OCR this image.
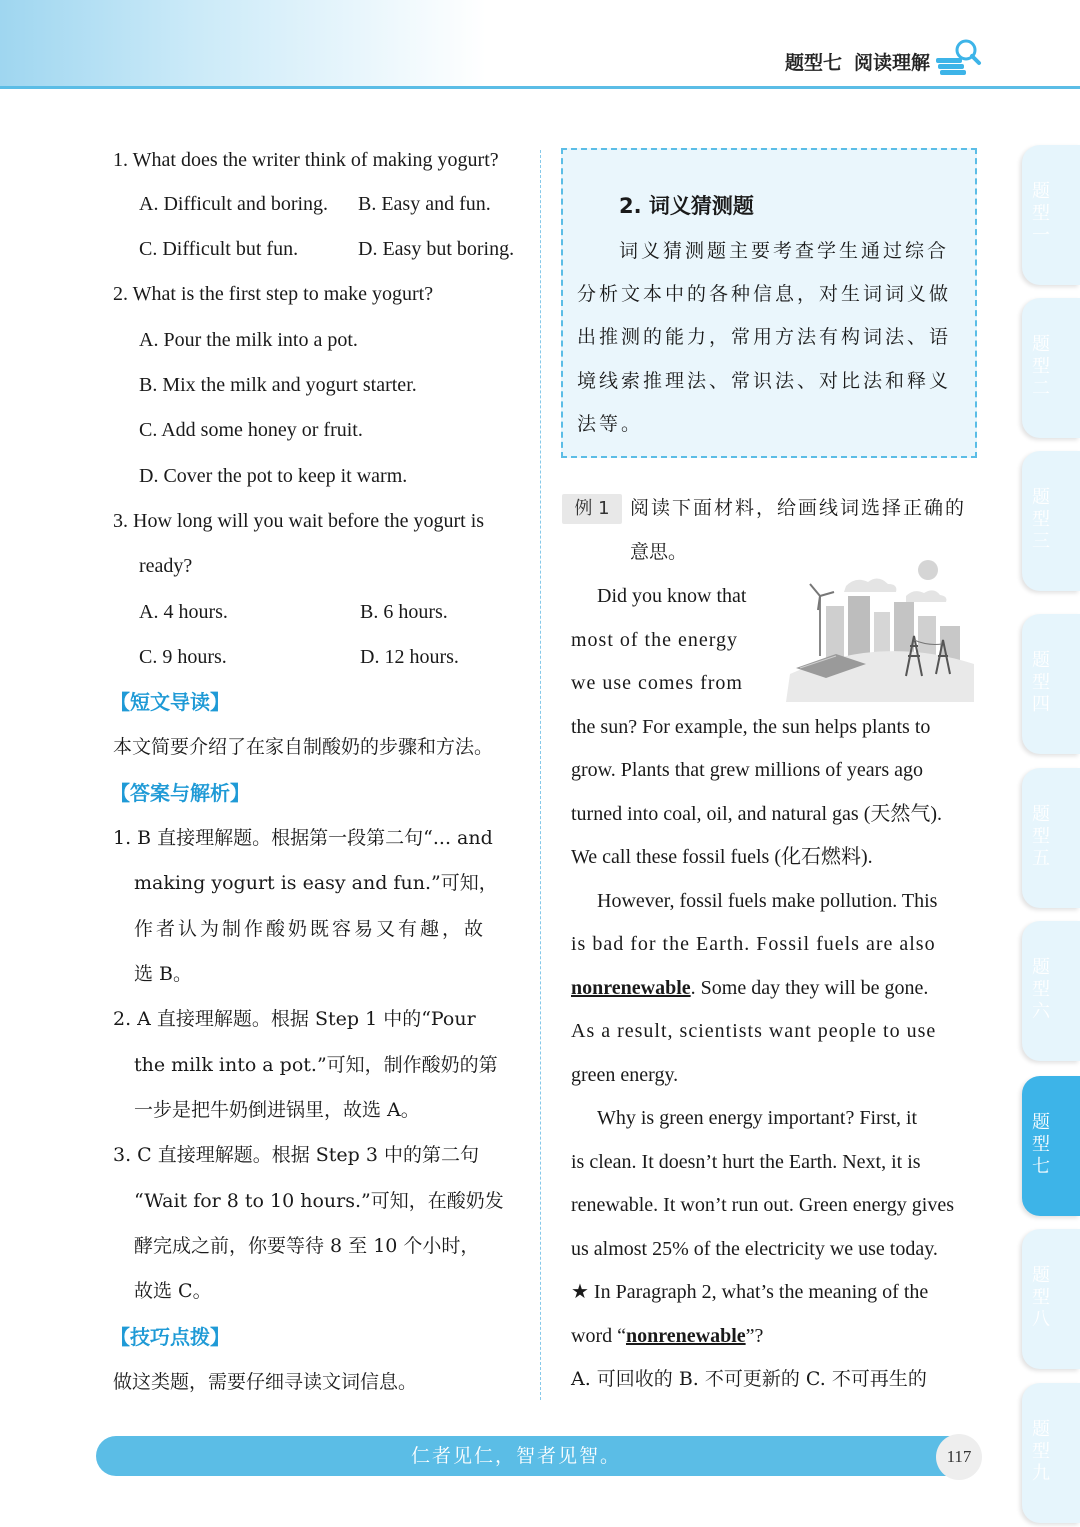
题型七 阅读理解
题型一
题型二
题型三
题型四
题型五
题型六
题型七
题型八
题型九
1. What does the writer think of making yogurt?
A. Difficult and boring. B. Easy and fun.
C. Difficult but fun.	D. Easy but boring.
2. What is the first step to make yogurt?
A. Pour the milk into a pot.
B. Mix the milk and yogurt starter.
C. Add some honey or fruit.
D. Cover the pot to keep it warm.
3. How long will you wait before the yogurt is
ready?
A. 4 hours.	B. 6 hours.
C. 9 hours.	D. 12 hours.
【短文导读】
本文简要介绍了在家自制酸奶的步骤和方法。
【答案与解析】
1. B 直接理解题。根据第一段第二句“... and
making yogurt is easy and fun.”可知，
作者认为制作酸奶既容易又有趣，故
选 B。
2. A 直接理解题。根据 Step 1 中的“Pour
the milk into a pot.”可知，制作酸奶的第
一步是把牛奶倒进锅里，故选 A。
3. C 直接理解题。根据 Step 3 中的第二句
“Wait for 8 to 10 hours.”可知，在酸奶发
酵完成之前，你要等待 8 至 10 个小时，
故选 C。
【技巧点拨】
做这类题，需要仔细寻读文词信息。
2. 词义猜测题
词义猜测题主要考查学生通过综合
分析文本中的各种信息，对生词词义做
出推测的能力，常用方法有构词法、语
境线索推理法、常识法、对比法和释义
法等。
例 1	阅读下面材料，给画线词选择正确的
意思。
Did you know that
most of the energy
we use comes from
the sun? For example, the sun helps plants to
grow. Plants that grew millions of years ago
turned into coal, oil, and natural gas (天然气).
We call these fossil fuels (化石燃料).
However, fossil fuels make pollution. This
is bad for the Earth. Fossil fuels are also
nonrenewable. Some day they will be gone.
As a result, scientists want people to use
green energy.
Why is green energy important? First, it
is clean. It doesn’t hurt the Earth. Next, it is
renewable. It won’t run out. Green energy gives
us almost 25% of the electricity we use today.
★ In Paragraph 2, what’s the meaning of the
word “nonrenewable”?
A. 可回收的 B. 不可更新的 C. 不可再生的
仁者见仁，智者见智。	117
